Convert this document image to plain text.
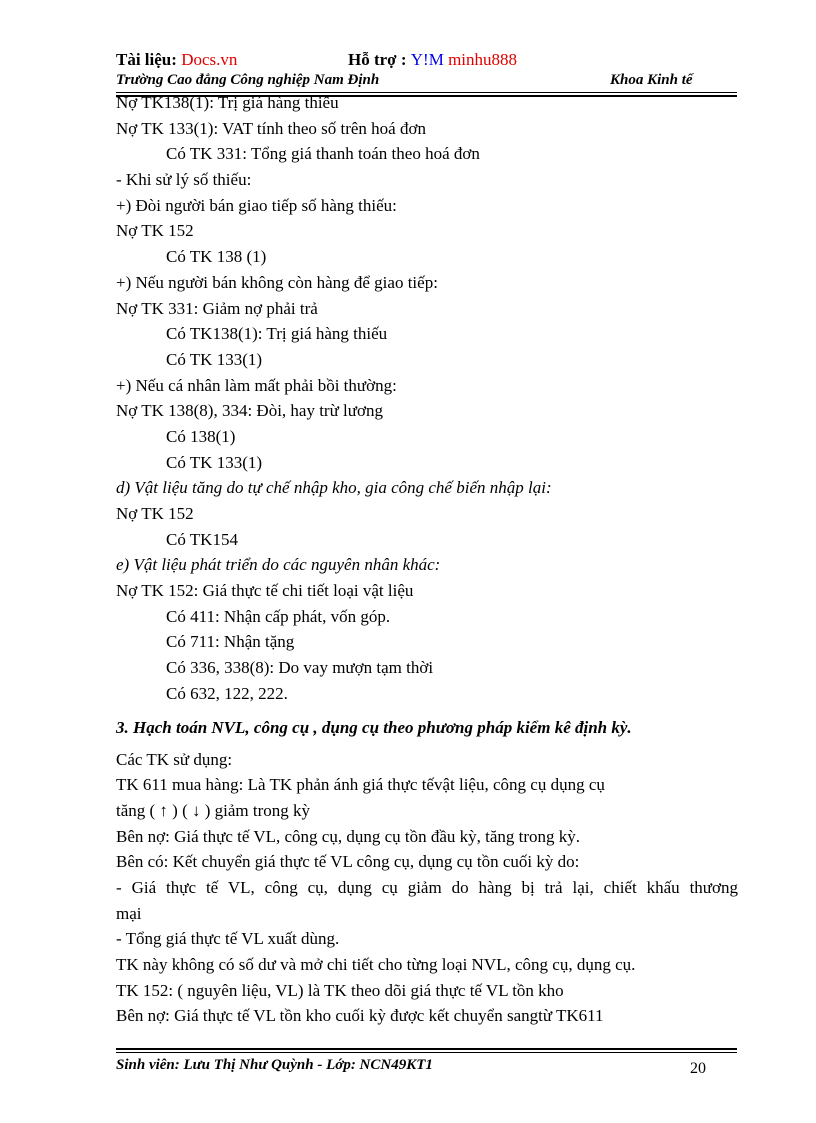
Tài liệu: Docs.vn	Hỗ trợ : Y!M minhu888
Trường Cao đẳng Công nghiệp Nam Định	Khoa Kinh tế
Nợ TK138(1): Trị giá hàng thiếu
Nợ TK 133(1): VAT tính theo số trên hoá đơn
Có TK 331: Tổng giá thanh toán theo hoá đơn
- Khi sử lý số thiếu:
+) Đòi người bán giao tiếp số hàng thiếu:
Nợ TK 152
Có TK 138 (1)
+) Nếu người bán không còn hàng để giao tiếp:
Nợ TK 331: Giảm nợ phải trả
Có TK138(1): Trị giá hàng thiếu
Có TK 133(1)
+) Nếu cá nhân làm mất phải bồi thường:
Nợ TK 138(8), 334: Đòi, hay trừ lương
Có 138(1)
Có TK 133(1)
d) Vật liệu tăng do tự chế nhập kho, gia công chế biến nhập lại:
Nợ TK 152
Có TK154
e) Vật liệu phát triển do các nguyên nhân khác:
Nợ TK 152: Giá thực tế chi tiết loại vật liệu
Có 411: Nhận cấp phát, vốn góp.
Có 711: Nhận tặng
Có 336, 338(8): Do vay mượn tạm thời
Có 632, 122, 222.
3. Hạch toán NVL, công cụ , dụng cụ theo phương pháp kiểm kê định kỳ.
Các TK sử dụng:
TK 611 mua hàng: Là TK phản ánh giá thực tếvật liệu, công cụ dụng cụ
tăng ( ↑ ) ( ↓ ) giảm trong kỳ
Bên nợ: Giá thực tế VL, công cụ, dụng cụ tồn đầu kỳ, tăng trong kỳ.
Bên có: Kết chuyển giá thực tế VL công cụ, dụng cụ tồn cuối kỳ do:
- Giá thực tế VL, công cụ, dụng cụ giảm do hàng bị trả lại, chiết khấu thương
mại
- Tổng giá thực tế VL xuất dùng.
TK này không có số dư và mở chi tiết cho từng loại NVL, công cụ, dụng cụ.
TK 152: ( nguyên liệu, VL) là TK theo dõi giá thực tế VL tồn kho
Bên nợ: Giá thực tế VL tồn kho cuối kỳ được kết chuyển sangtừ TK611
Sinh viên: Lưu Thị Như Quỳnh - Lớp: NCN49KT1	20
